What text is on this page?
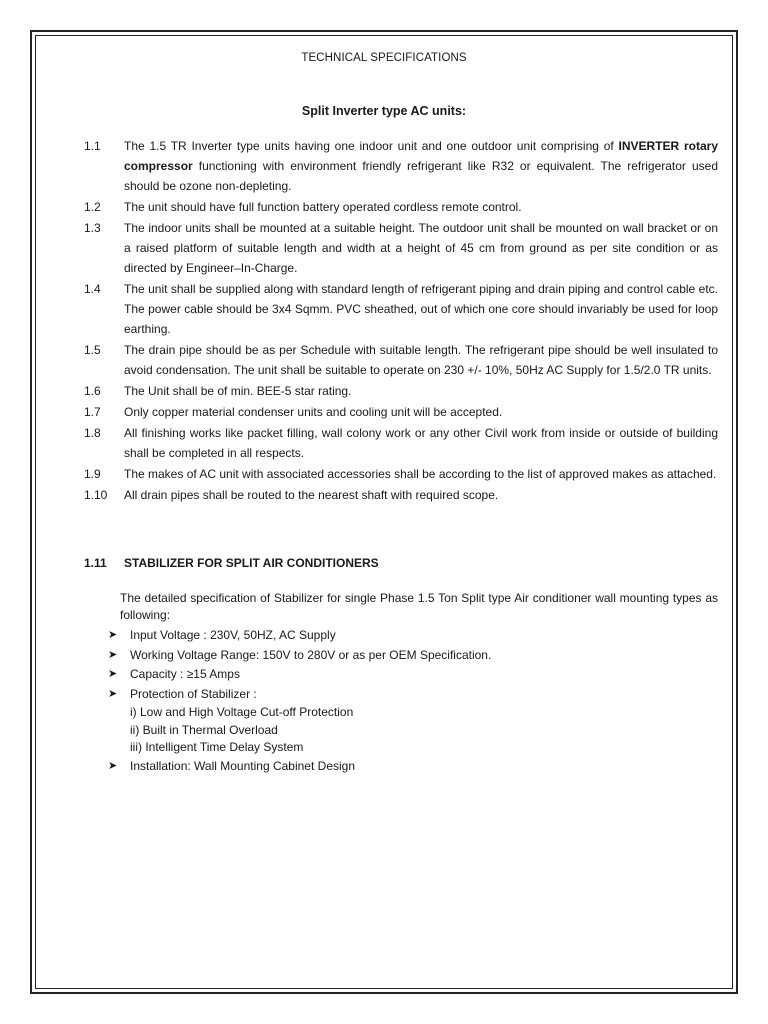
TECHNICAL SPECIFICATIONS
Split Inverter type AC units:
1.1 The 1.5 TR Inverter type units having one indoor unit and one outdoor unit comprising of INVERTER rotary compressor functioning with environment friendly refrigerant like R32 or equivalent. The refrigerator used should be ozone non-depleting.
1.2 The unit should have full function battery operated cordless remote control.
1.3 The indoor units shall be mounted at a suitable height. The outdoor unit shall be mounted on wall bracket or on a raised platform of suitable length and width at a height of 45 cm from ground as per site condition or as directed by Engineer–In-Charge.
1.4 The unit shall be supplied along with standard length of refrigerant piping and drain piping and control cable etc. The power cable should be 3x4 Sqmm. PVC sheathed, out of which one core should invariably be used for loop earthing.
1.5 The drain pipe should be as per Schedule with suitable length. The refrigerant pipe should be well insulated to avoid condensation. The unit shall be suitable to operate on 230 +/- 10%, 50Hz AC Supply for 1.5/2.0 TR units.
1.6 The Unit shall be of min. BEE-5 star rating.
1.7 Only copper material condenser units and cooling unit will be accepted.
1.8 All finishing works like packet filling, wall colony work or any other Civil work from inside or outside of building shall be completed in all respects.
1.9 The makes of AC unit with associated accessories shall be according to the list of approved makes as attached.
1.10 All drain pipes shall be routed to the nearest shaft with required scope.
1.11 STABILIZER FOR SPLIT AIR CONDITIONERS
The detailed specification of Stabilizer for single Phase 1.5 Ton Split type Air conditioner wall mounting types as following:
➤ Input Voltage : 230V, 50HZ, AC Supply
➤ Working Voltage Range: 150V to 280V or as per OEM Specification.
➤ Capacity : ≥15 Amps
➤ Protection of Stabilizer :
i) Low and High Voltage Cut-off Protection
ii) Built in Thermal Overload
iii) Intelligent Time Delay System
➤ Installation: Wall Mounting Cabinet Design
